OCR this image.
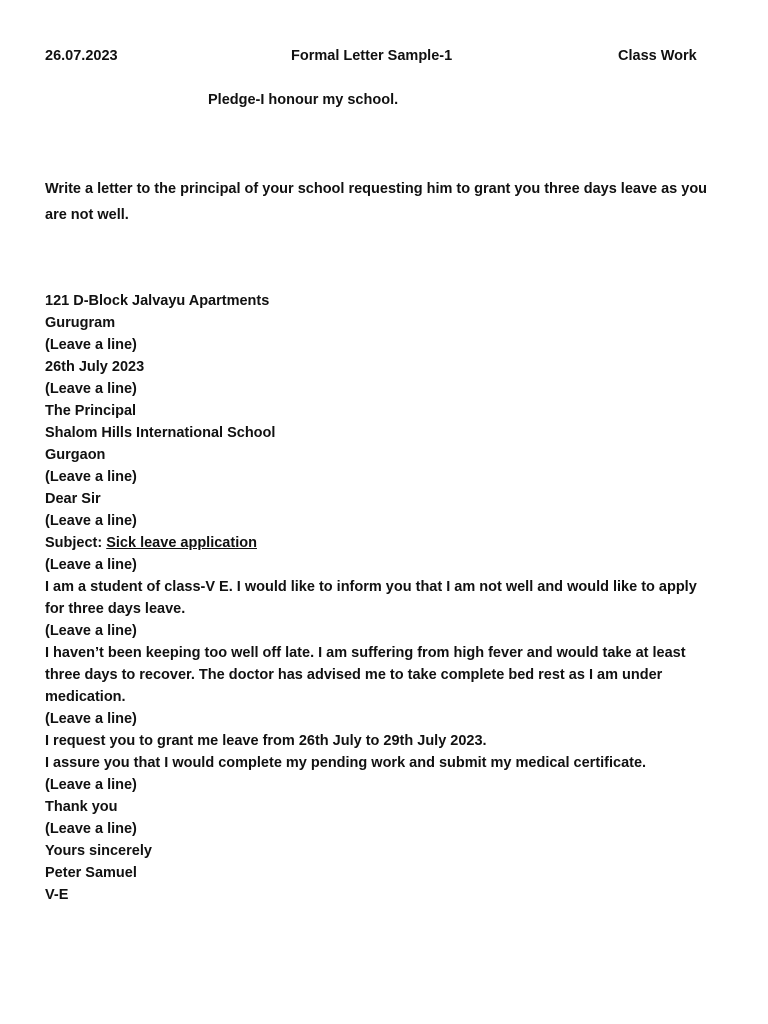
26.07.2023	Formal Letter Sample-1	Class Work
Pledge-I honour my school.
Write a letter to the principal of your school requesting him to grant you three days leave as you are not well.
121 D-Block Jalvayu Apartments
Gurugram
(Leave a line)
26th July 2023
(Leave a line)
The Principal
Shalom Hills International School
Gurgaon
(Leave a line)
Dear Sir
(Leave a line)
Subject: Sick leave application
(Leave a line)
I am a student of class-V E. I would like to inform you that I am not well and would like to apply for three days leave.
(Leave a line)
I haven’t been keeping too well off late. I am suffering from high fever and would take at least three days to recover. The doctor has advised me to take complete bed rest as I am under medication.
(Leave a line)
I request you to grant me leave from 26th July to 29th July 2023.
I assure you that I would complete my pending work and submit my medical certificate.
(Leave a line)
Thank you
(Leave a line)
Yours sincerely
Peter Samuel
V-E
